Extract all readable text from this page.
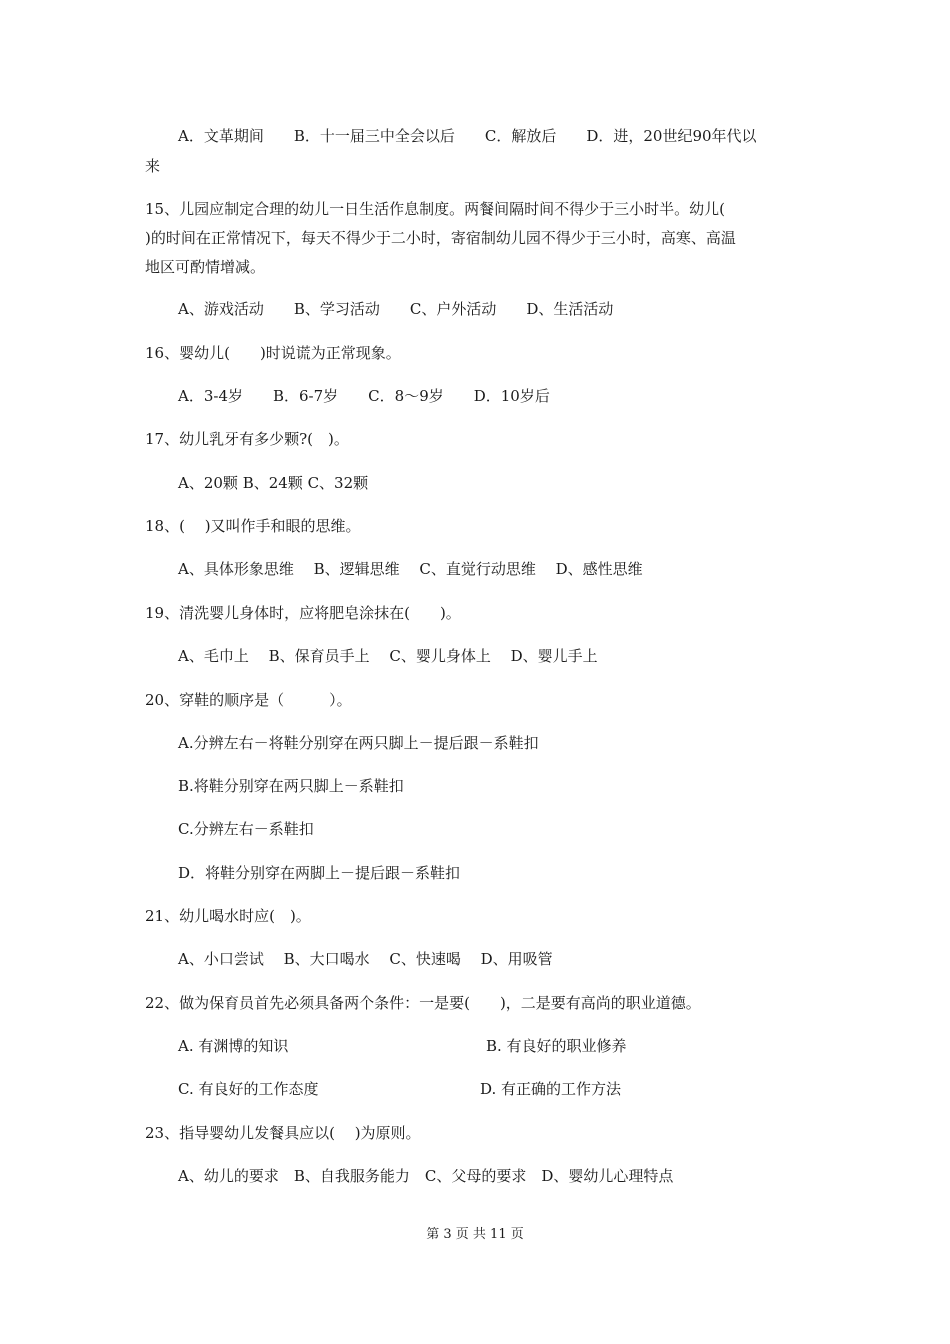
A．文革期间　　B．十一届三中全会以后　　C．解放后　　D．进，20世纪90年代以
来
15、儿园应制定合理的幼儿一日生活作息制度。两餐间隔时间不得少于三小时半。幼儿(
)的时间在正常情况下，每天不得少于二小时，寄宿制幼儿园不得少于三小时，高寒、高温
地区可酌情增减。
A、游戏活动　　B、学习活动　　C、户外活动　　D、生活活动
16、婴幼儿(　　)时说谎为正常现象。
A．3-4岁　　B．6-7岁　　C．8～9岁　　D．10岁后
17、幼儿乳牙有多少颗?(　)。
A、20颗 B、24颗 C、32颗
18、(　 )又叫作手和眼的思维。
A、具体形象思维　 B、逻辑思维　 C、直觉行动思维　 D、感性思维
19、清洗婴儿身体时，应将肥皂涂抹在(　　)。
A、毛巾上　 B、保育员手上　 C、婴儿身体上　 D、婴儿手上
20、穿鞋的顺序是（　　　）。
A.分辨左右－将鞋分别穿在两只脚上－提后跟－系鞋扣
B.将鞋分别穿在两只脚上－系鞋扣
C.分辨左右－系鞋扣
D．将鞋分别穿在两脚上－提后跟－系鞋扣
21、幼儿喝水时应(　)。
A、小口尝试　 B、大口喝水　 C、快速喝　 D、用吸管
22、做为保育员首先必须具备两个条件：一是要(　　)，二是要有高尚的职业道德。
A. 有渊博的知识	B. 有良好的职业修养
C. 有良好的工作态度	D. 有正确的工作方法
23、指导婴幼儿发餐具应以(　 )为原则。
A、幼儿的要求　B、自我服务能力　C、父母的要求　D、婴幼儿心理特点
第 3 页 共 11 页
